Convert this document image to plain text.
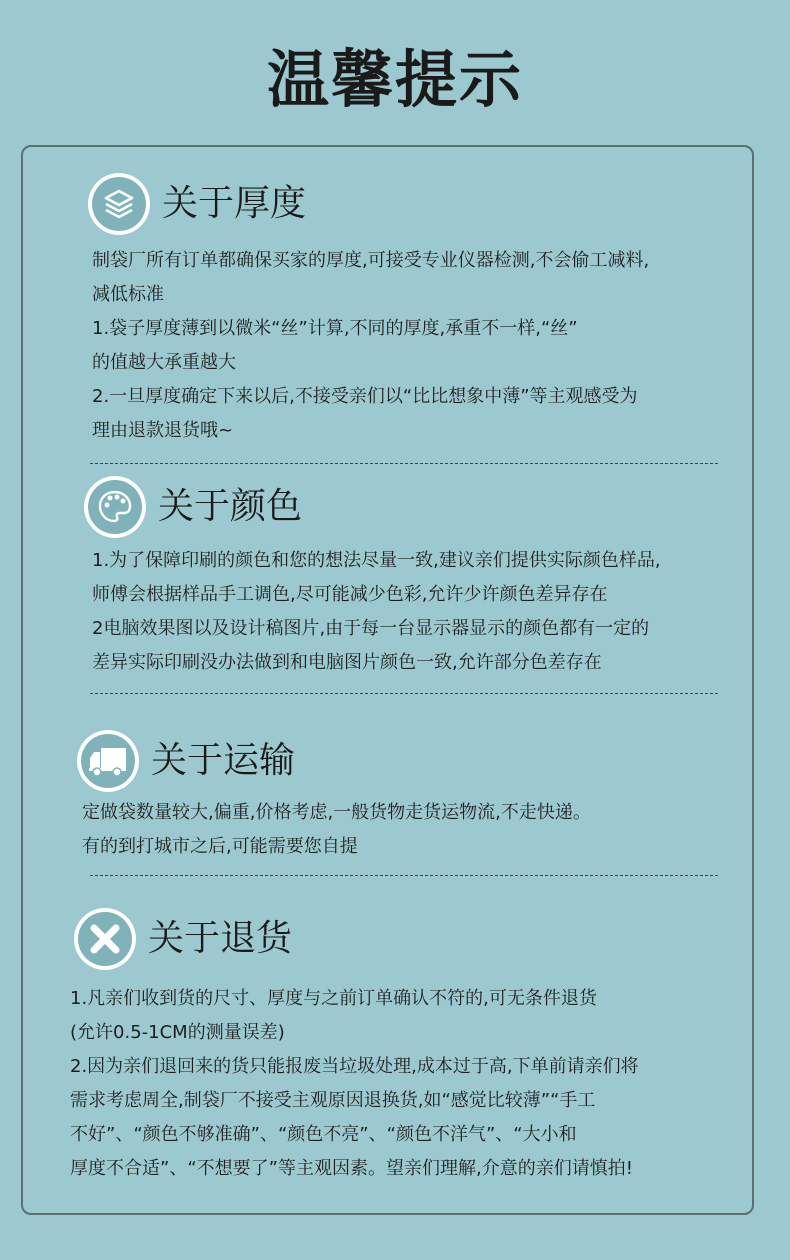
温馨提示
关于厚度

制袋厂所有订单都确保买家的厚度,可接受专业仪器检测,不会偷工减料,

减低标准

1.袋子厚度薄到以微米“丝”计算,不同的厚度,承重不一样,“丝”

的值越大承重越大

2.一旦厚度确定下来以后,不接受亲们以“比比想象中薄”等主观感受为

理由退款退货哦~

关于颜色

1.为了保障印刷的颜色和您的想法尽量一致,建议亲们提供实际颜色样品,

师傅会根据样品手工调色,尽可能减少色彩,允许少许颜色差异存在

2电脑效果图以及设计稿图片,由于每一台显示器显示的颜色都有一定的

差异实际印刷没办法做到和电脑图片颜色一致,允许部分色差存在

关于运输

定做袋数量较大,偏重,价格考虑,一般货物走货运物流,不走快递。

有的到打城市之后,可能需要您自提

关于退货

1.凡亲们收到货的尺寸、厚度与之前订单确认不符的,可无条件退货

(允许0.5-1CM的测量误差)

2.因为亲们退回来的货只能报废当垃圾处理,成本过于高,下单前请亲们将

需求考虑周全,制袋厂不接受主观原因退换货,如“感觉比较薄”“手工

不好”、“颜色不够准确”、“颜色不亮”、“颜色不洋气”、“大小和

厚度不合适”、“不想要了”等主观因素。望亲们理解,介意的亲们请慎拍!
